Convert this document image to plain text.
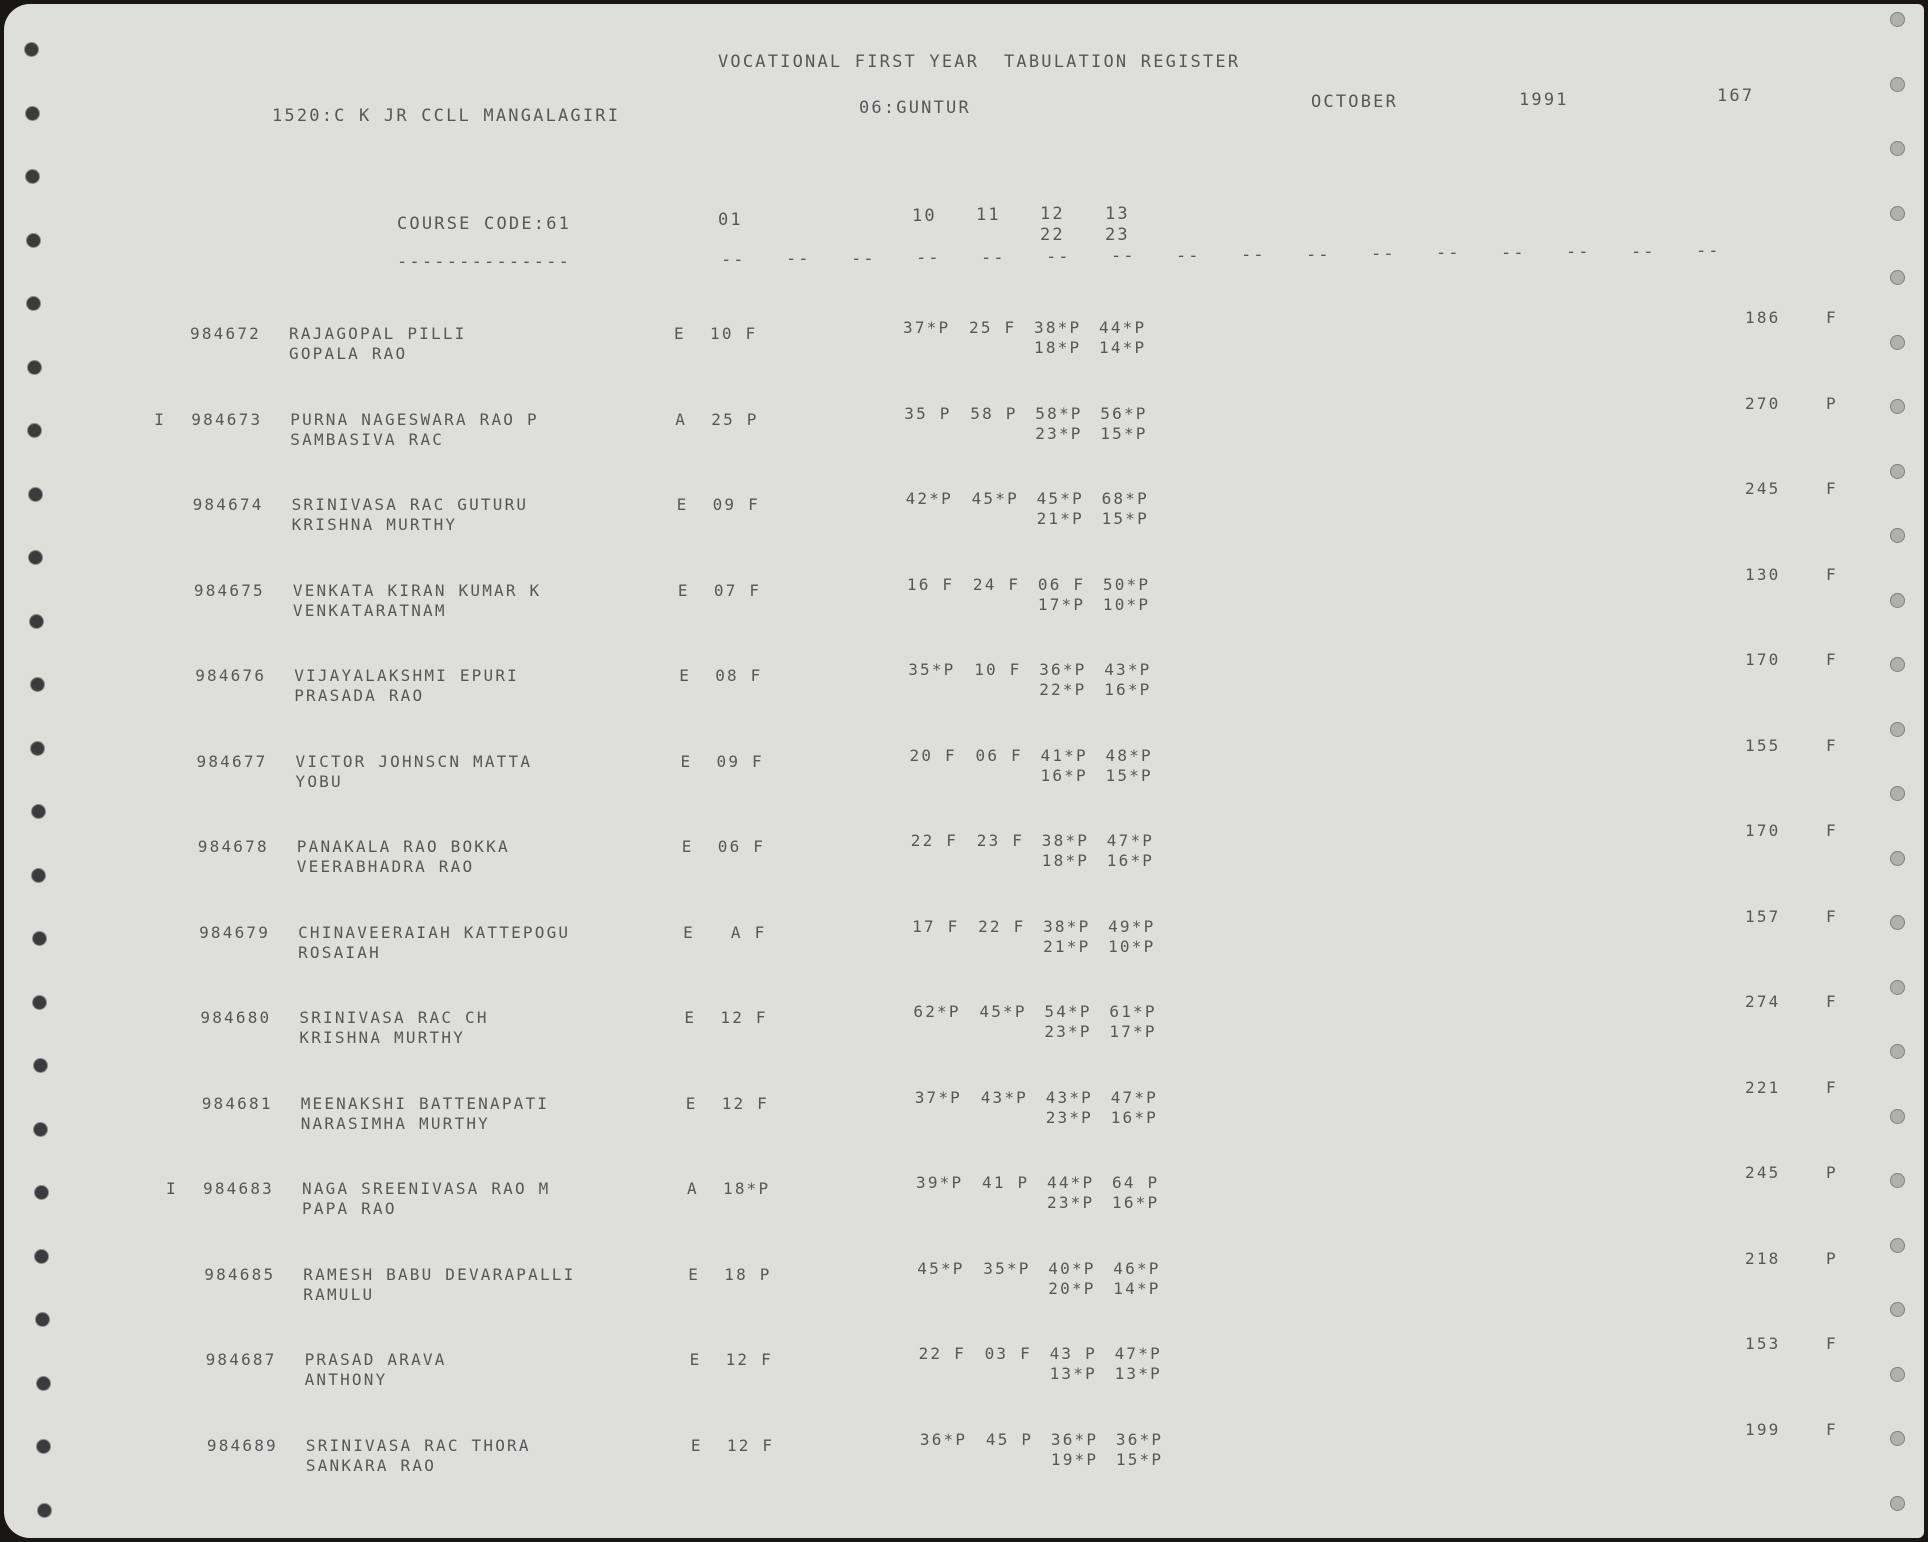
VOCATIONAL FIRST YEAR  TABULATION REGISTER
1520:C K JR CCLL MANGALAGIRI	06:GUNTUR	OCTOBER	1991	167
COURSE CODE:61
--------------
01	10 11 12 13
22 23
-- -- -- -- -- -- -- -- -- -- -- -- -- -- -- --
984672 RAJAGOPAL PILLI
GOPALA RAO
E 10 F	37*P 25 F 38*P 44*P
18*P 14*P
186	F
I 984673 PURNA NAGESWARA RAO P
SAMBASIVA RAC
A 25 P	35 P 58 P 58*P 56*P
23*P 15*P
270	P
984674 SRINIVASA RAC GUTURU
KRISHNA MURTHY
E 09 F	42*P 45*P 45*P 68*P
21*P 15*P
245	F
984675 VENKATA KIRAN KUMAR K
VENKATARATNAM
E 07 F	16 F 24 F 06 F 50*P
17*P 10*P
130	F
984676 VIJAYALAKSHMI EPURI
PRASADA RAO
E 08 F	35*P 10 F 36*P 43*P
22*P 16*P
170	F
984677 VICTOR JOHNSCN MATTA
YOBU
E 09 F	20 F 06 F 41*P 48*P
16*P 15*P
155	F
984678 PANAKALA RAO BOKKA
VEERABHADRA RAO
E 06 F	22 F 23 F 38*P 47*P
18*P 16*P
170	F
984679 CHINAVEERAIAH KATTEPOGU
ROSAIAH
E A F	17 F 22 F 38*P 49*P
21*P 10*P
157	F
984680 SRINIVASA RAC CH
KRISHNA MURTHY
E 12 F	62*P 45*P 54*P 61*P
23*P 17*P
274	F
984681 MEENAKSHI BATTENAPATI
NARASIMHA MURTHY
E 12 F	37*P 43*P 43*P 47*P
23*P 16*P
221	F
I 984683 NAGA SREENIVASA RAO M
PAPA RAO
A 18*P	39*P 41 P 44*P 64 P
23*P 16*P
245	P
984685 RAMESH BABU DEVARAPALLI
RAMULU
E 18 P	45*P 35*P 40*P 46*P
20*P 14*P
218	P
984687 PRASAD ARAVA
ANTHONY
E 12 F	22 F 03 F 43 P 47*P
13*P 13*P
153	F
984689 SRINIVASA RAC THORA
SANKARA RAO
E 12 F	36*P 45 P 36*P 36*P
19*P 15*P
199	F
